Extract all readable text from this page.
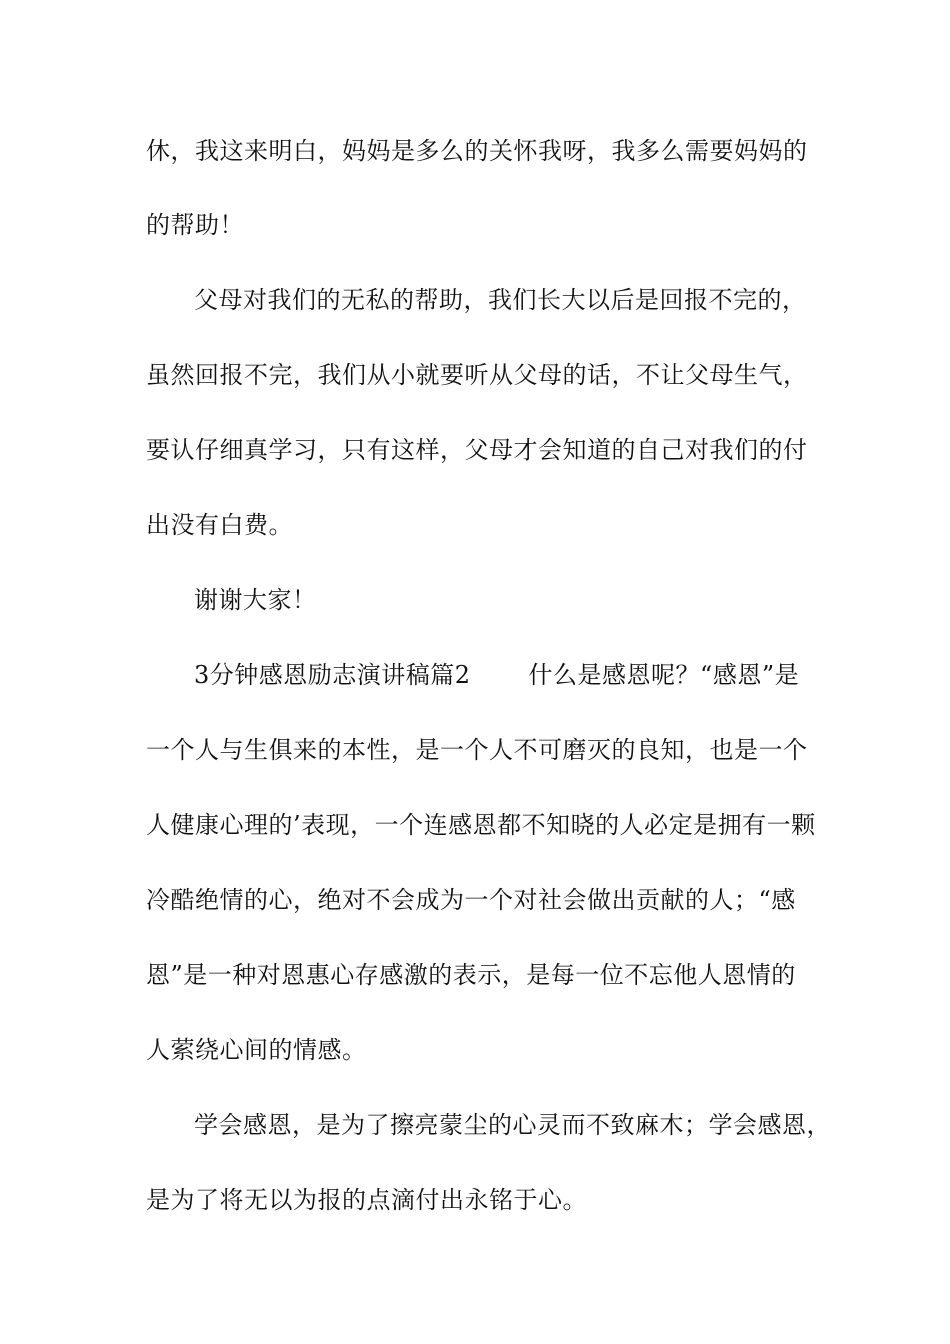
休，我这来明白，妈妈是多么的关怀我呀，我多么需要妈妈的
的帮助！
父母对我们的无私的帮助，我们长大以后是回报不完的，
虽然回报不完，我们从小就要听从父母的话，不让父母生气，
要认仔细真学习，只有这样，父母才会知道的自己对我们的付
出没有白费。
谢谢大家！
3分钟感恩励志演讲稿篇2 什么是感恩呢？“感恩”是
一个人与生俱来的本性，是一个人不可磨灭的良知，也是一个
人健康心理的’表现，一个连感恩都不知晓的人必定是拥有一颗
冷酷绝情的心，绝对不会成为一个对社会做出贡献的人；“感
恩”是一种对恩惠心存感激的表示，是每一位不忘他人恩情的
人萦绕心间的情感。
学会感恩，是为了擦亮蒙尘的心灵而不致麻木；学会感恩，
是为了将无以为报的点滴付出永铭于心。
